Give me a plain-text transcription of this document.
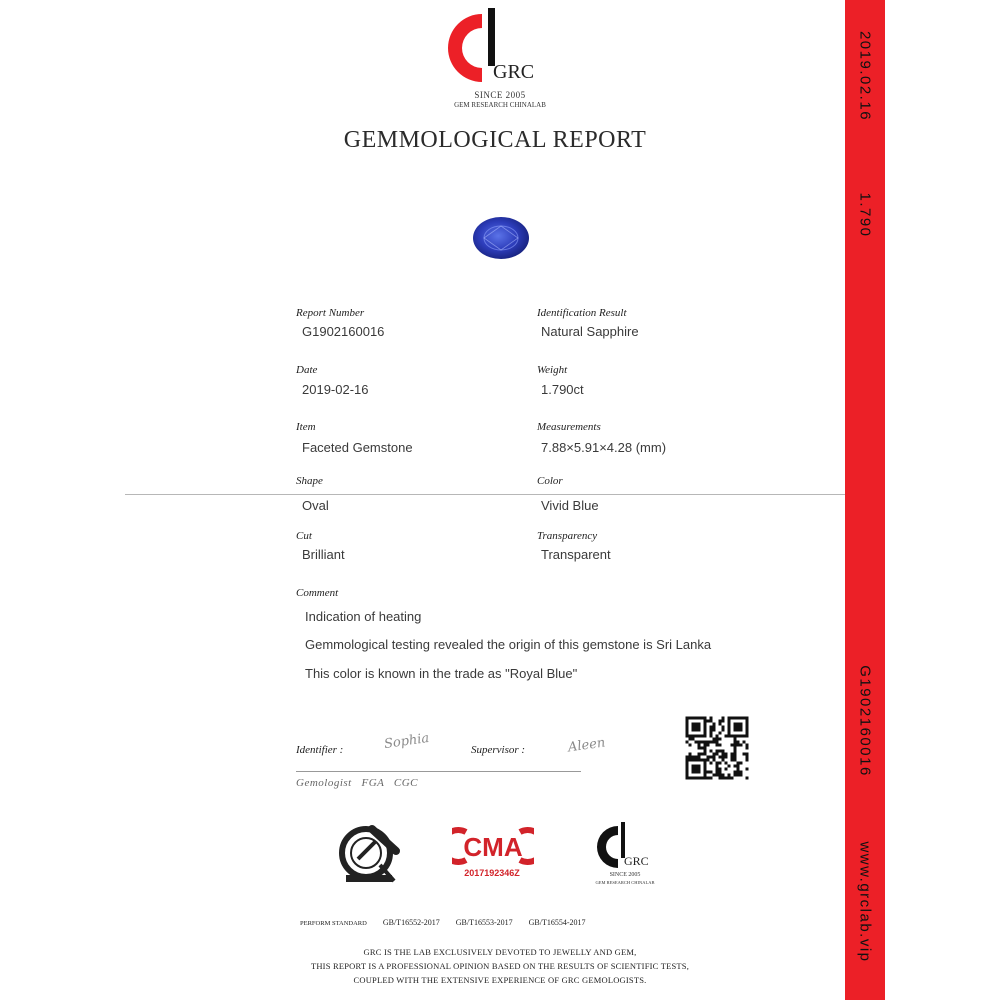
GRC
SINCE 2005
GEM RESEARCH CHINALAB
GEMMOLOGICAL REPORT
Report Number
G1902160016
Identification Result
Natural Sapphire
Date
2019-02-16
Weight
1.790ct
Item
Faceted Gemstone
Measurements
7.88×5.91×4.28 (mm)
Shape
Oval
Color
Vivid Blue
Cut
Brilliant
Transparency
Transparent
Comment
Indication of heating
Gemmological testing revealed the origin of this gemstone is Sri Lanka
This color is known in the trade as "Royal Blue"
Identifier :	Sophia	Supervisor :	Aleen
Gemologist   FGA   CGC
CMA
2017192346Z
GRC
SINCE 2005
GEM RESEARCH CHINALAB
PERFORM STANDARD GB/T16552-2017 GB/T16553-2017 GB/T16554-2017
GRC IS THE LAB EXCLUSIVELY DEVOTED TO JEWELLY AND GEM,
THIS REPORT IS A PROFESSIONAL OPINION BASED ON THE RESULTS OF SCIENTIFIC TESTS,
COUPLED WITH THE EXTENSIVE EXPERIENCE OF GRC GEMOLOGISTS.
2019.02.16
1.790
G1902160016
www.grclab.vip
